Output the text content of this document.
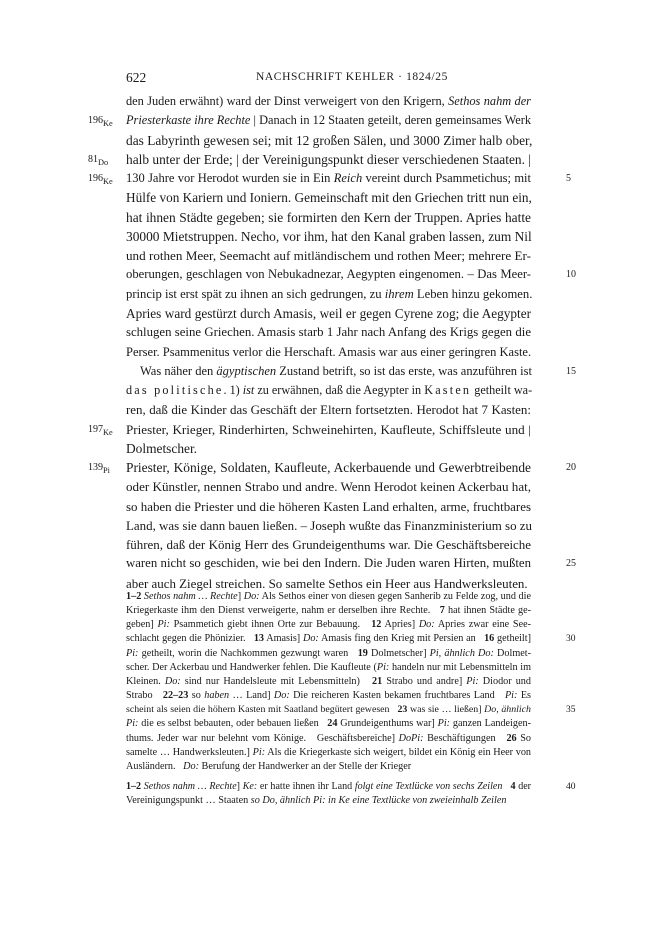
622	NACHSCHRIFT KEHLER · 1824/25
den Juden erwähnt) ward der Dinst verweigert von den Krigern, Sethos nahm der
Priesterkaste ihre Rechte | Danach in 12 Staaten geteilt, deren gemeinsames Werk
$196_{Ke}$
das Labyrinth gewesen sei; mit 12 großen Sälen, und 3000 Zimer halb ober,
halb unter der Erde; | der Vereinigungspunkt dieser verschiedenen Staaten. |
$81_{Do}$
130 Jahre vor Herodot wurden sie in Ein Reich vereint durch Psammetichus; mit
$196_{Ke}$	5
Hülfe von Kariern und Ioniern. Gemeinschaft mit den Griechen tritt nun ein,
hat ihnen Städte gegeben; sie formirten den Kern der Truppen. Apries hatte
30000 Mietstruppen. Necho, vor ihm, hat den Kanal graben lassen, zum Nil
und rothen Meer, Seemacht auf mitländischem und rothen Meer; mehrere Er-
oberungen, geschlagen von Nebukadnezar, Aegypten eingenomen. – Das Meer-	10
princip ist erst spät zu ihnen an sich gedrungen, zu ihrem Leben hinzu gekomen.
Apries ward gestürzt durch Amasis, weil er gegen Cyrene zog; die Aegypter
schlugen seine Griechen. Amasis starb 1 Jahr nach Anfang des Krigs gegen die
Perser. Psammenitus verlor die Herschaft. Amasis war aus einer geringren Kaste.
Was näher den ägyptischen Zustand betrift, so ist das erste, was anzuführen ist	15
das politische. 1) ist zu erwähnen, daß die Aegypter in Kasten getheilt wa-
ren, daß die Kinder das Geschäft der Eltern fortsetzten. Herodot hat 7 Kasten:
Priester, Krieger, Rinderhirten, Schweinehirten, Kaufleute, Schiffsleute und |
$197_{Ke}$
Dolmetscher.
Priester, Könige, Soldaten, Kaufleute, Ackerbauende und Gewerbtreibende
$139_{Pi}$	20
oder Künstler, nennen Strabo und andre. Wenn Herodot keinen Ackerbau hat,
so haben die Priester und die höheren Kasten Land erhalten, arme, fruchtbares
Land, was sie dann bauen ließen. – Joseph wußte das Finanzministerium so zu
führen, daß der König Herr des Grundeigenthums war. Die Geschäftsbereiche
waren nicht so geschiden, wie bei den Indern. Die Juden waren Hirten, mußten	25
aber auch Ziegel streichen. So samelte Sethos ein Heer aus Handwerksleuten.
1–2 Sethos nahm … Rechte] Do: Als Sethos einer von diesen gegen Sanherib zu Felde zog, und die
Kriegerkaste ihm den Dienst verweigerte, nahm er derselben ihre Rechte.   7 hat ihnen Städte ge-
geben] Pi: Psammetich giebt ihnen Orte zur Bebauung.   12 Apries] Do: Apries zwar eine See-
schlacht gegen die Phönizier.   13 Amasis] Do: Amasis fing den Krieg mit Persien an   16 getheilt]	30
Pi: getheilt, worin die Nachkommen gezwungt waren   19 Dolmetscher] Pi, ähnlich Do: Dolmet-
scher. Der Ackerbau und Handwerker fehlen. Die Kaufleute (Pi: handeln nur mit Lebensmitteln im
Kleinen. Do: sind nur Handelsleute mit Lebensmitteln)   21 Strabo und andre] Pi: Diodor und
Strabo   22–23 so haben … Land] Do: Die reicheren Kasten bekamen fruchtbares Land   Pi: Es
scheint als seien die höhern Kasten mit Saatland begütert gewesen   23 was sie … ließen] Do, ähnlich	35
Pi: die es selbst bebauten, oder bebauen ließen   24 Grundeigenthums war] Pi: ganzen Landeigen-
thums. Jeder war nur belehnt vom Könige.   Geschäftsbereiche] DoPi: Beschäftigungen   26 So
samelte … Handwerksleuten.] Pi: Als die Kriegerkaste sich weigert, bildet ein König ein Heer von
Ausländern.   Do: Berufung der Handwerker an der Stelle der Krieger
1–2 Sethos nahm … Rechte] Ke: er hatte ihnen ihr Land folgt eine Textlücke von sechs Zeilen 4 der	40
Vereinigungspunkt … Staaten so Do, ähnlich Pi: in Ke eine Textlücke von zweieinhalb Zeilen
